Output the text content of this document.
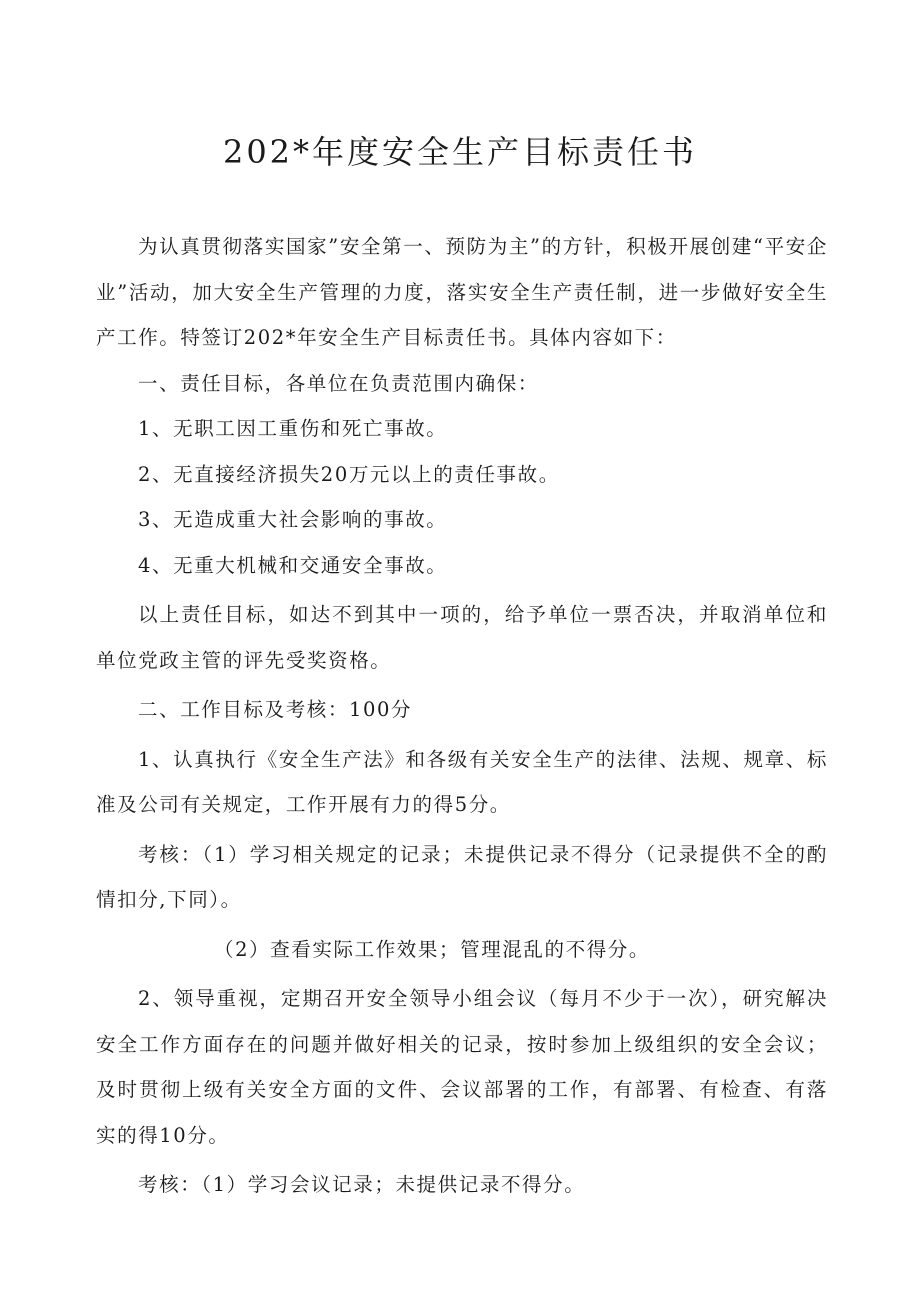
202*年度安全生产目标责任书

为认真贯彻落实国家”安全第一、预防为主”的方针，积极开展创建“平安企业”活动，加大安全生产管理的力度，落实安全生产责任制，进一步做好安全生产工作。特签订202*年安全生产目标责任书。具体内容如下：

一、责任目标，各单位在负责范围内确保：

1、无职工因工重伤和死亡事故。

2、无直接经济损失20万元以上的责任事故。

3、无造成重大社会影响的事故。

4、无重大机械和交通安全事故。

以上责任目标，如达不到其中一项的，给予单位一票否决，并取消单位和单位党政主管的评先受奖资格。

二、工作目标及考核：100分

1、认真执行《安全生产法》和各级有关安全生产的法律、法规、规章、标准及公司有关规定，工作开展有力的得5分。

考核：（1）学习相关规定的记录；未提供记录不得分（记录提供不全的酌情扣分,下同）。

（2）查看实际工作效果；管理混乱的不得分。

2、领导重视，定期召开安全领导小组会议（每月不少于一次），研究解决安全工作方面存在的问题并做好相关的记录，按时参加上级组织的安全会议；及时贯彻上级有关安全方面的文件、会议部署的工作，有部署、有检查、有落实的得10分。

考核：（1）学习会议记录；未提供记录不得分。
